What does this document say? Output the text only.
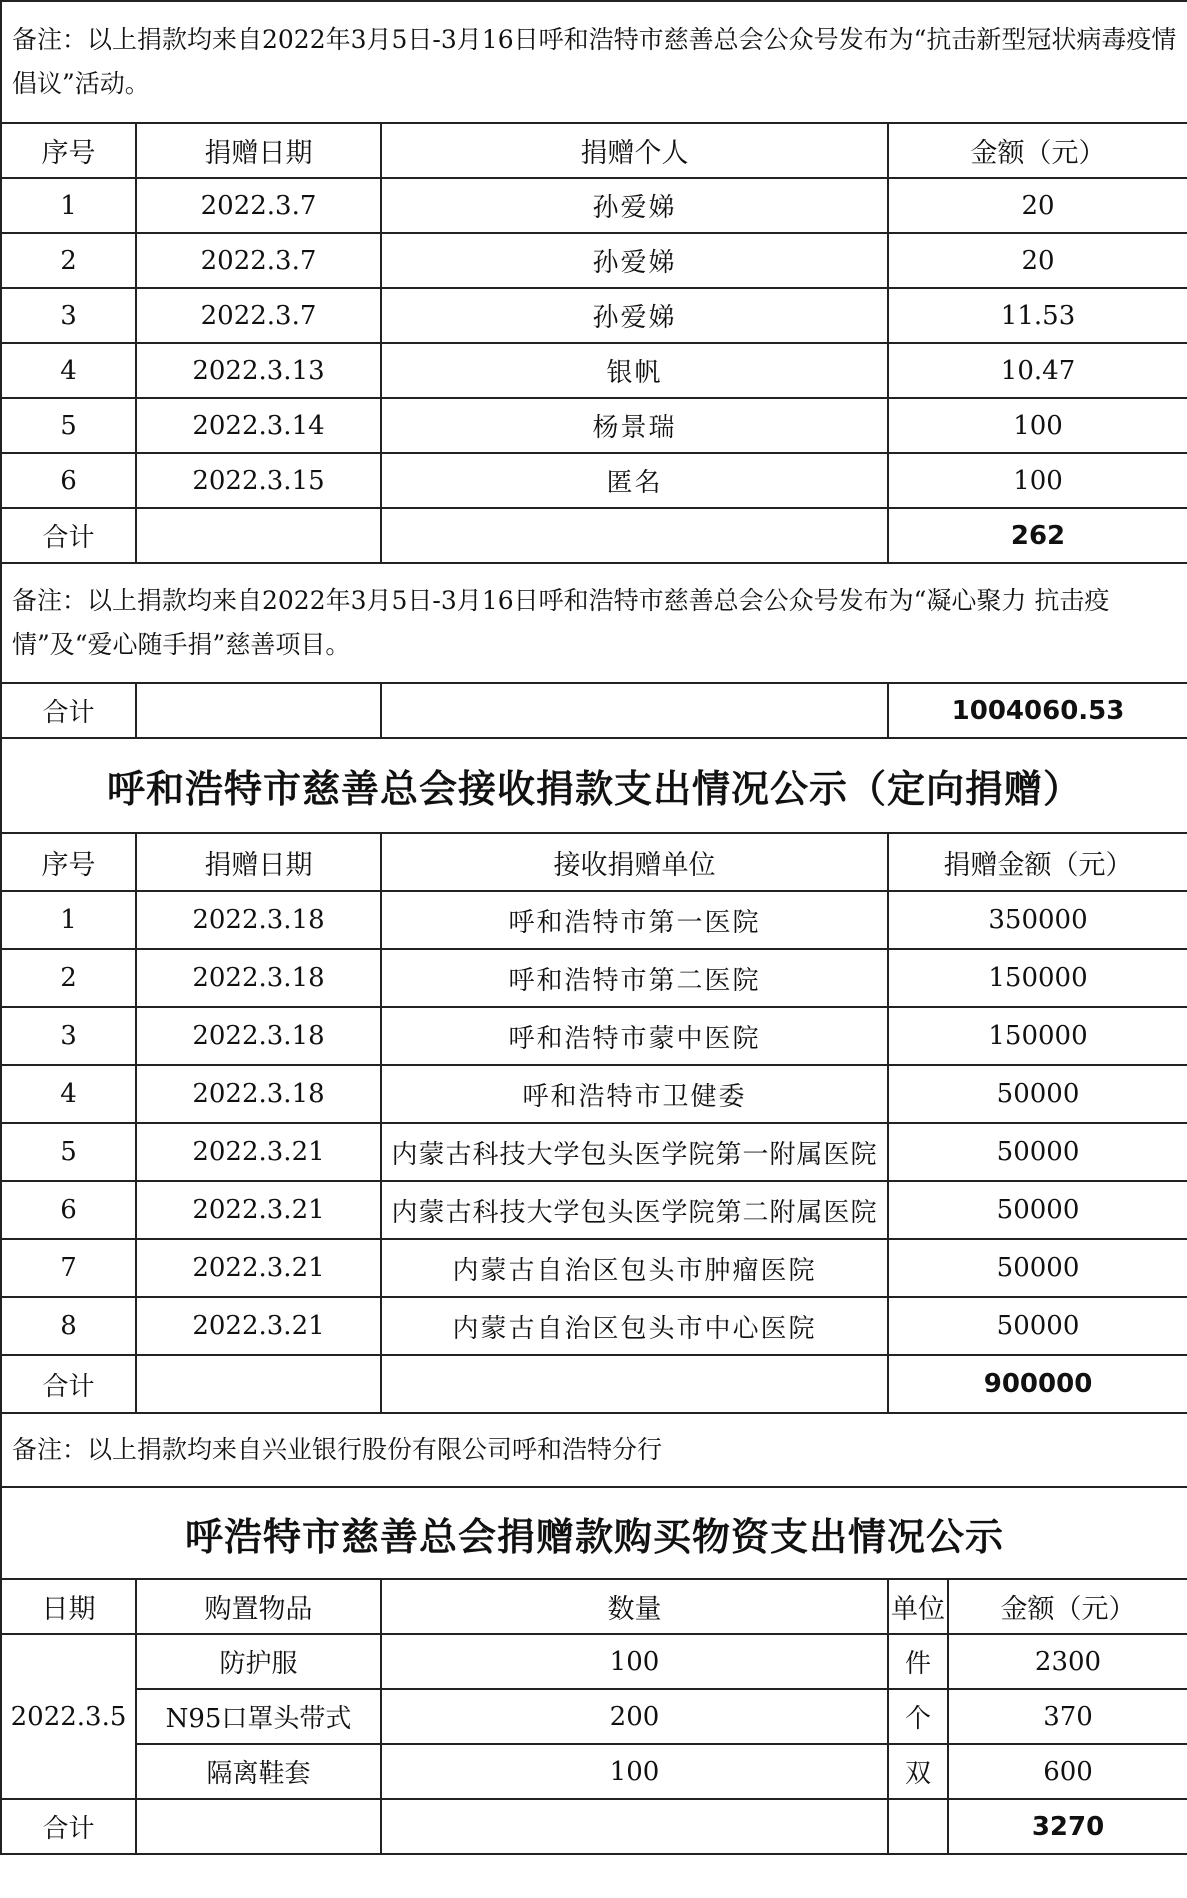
备注：以上捐款均来自2022年3月5日-3月16日呼和浩特市慈善总会公众号发布为“抗击新型冠状病毒疫情倡议”活动。				
序号	捐赠日期	捐赠个人	金额（元）	
1	2022.3.7	孙爱娣	20	
2	2022.3.7	孙爱娣	20	
3	2022.3.7	孙爱娣	11.53	
4	2022.3.13	银帆	10.47	
5	2022.3.14	杨景瑞	100	
6	2022.3.15	匿名	100	
合计			262	
备注：以上捐款均来自2022年3月5日-3月16日呼和浩特市慈善总会公众号发布为“凝心聚力 抗击疫情”及“爱心随手捐”慈善项目。				
合计			1004060.53	
呼和浩特市慈善总会接收捐款支出情况公示（定向捐赠）				
序号	捐赠日期	接收捐赠单位	捐赠金额（元）	
1	2022.3.18	呼和浩特市第一医院	350000	
2	2022.3.18	呼和浩特市第二医院	150000	
3	2022.3.18	呼和浩特市蒙中医院	150000	
4	2022.3.18	呼和浩特市卫健委	50000	
5	2022.3.21	内蒙古科技大学包头医学院第一附属医院	50000	
6	2022.3.21	内蒙古科技大学包头医学院第二附属医院	50000	
7	2022.3.21	内蒙古自治区包头市肿瘤医院	50000	
8	2022.3.21	内蒙古自治区包头市中心医院	50000	
合计			900000	
备注：以上捐款均来自兴业银行股份有限公司呼和浩特分行				
呼浩特市慈善总会捐赠款购买物资支出情况公示				
日期	购置物品	数量	单位	金额（元）
2022.3.5	防护服	100	件	2300
	N95口罩头带式	200	个	370
	隔离鞋套	100	双	600
合计				3270
